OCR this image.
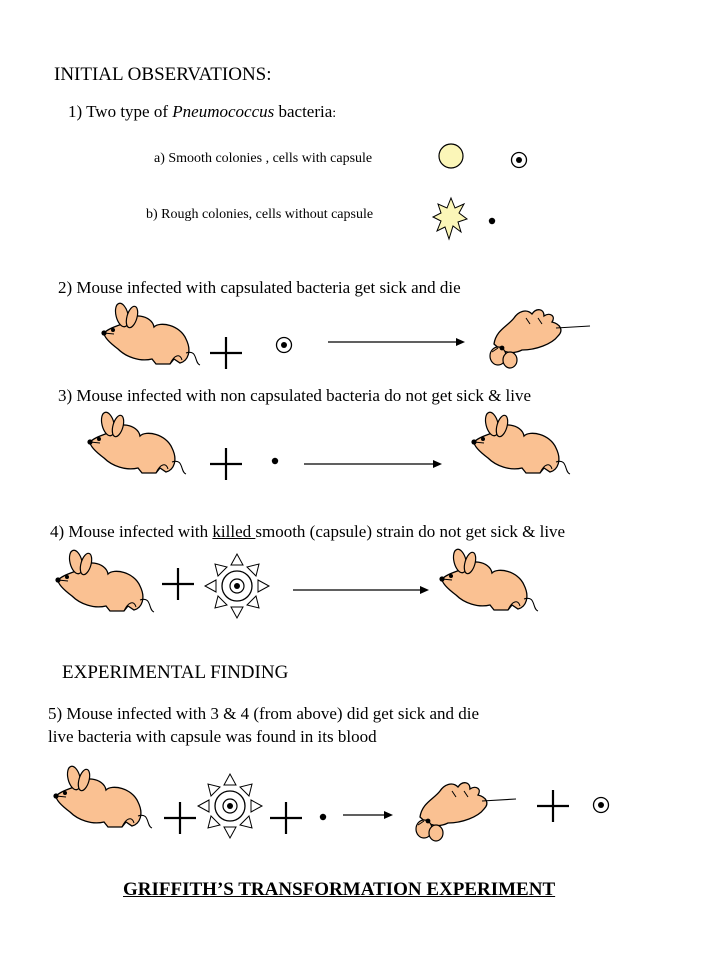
INITIAL OBSERVATIONS:
1) Two type of Pneumococcus bacteria:
a) Smooth colonies , cells with capsule
b) Rough colonies, cells without capsule
2) Mouse infected with capsulated bacteria get sick and die
3) Mouse infected with non capsulated bacteria do not get sick & live
4) Mouse infected with killed smooth (capsule) strain do not get sick & live
EXPERIMENTAL FINDING
5) Mouse infected with 3 & 4 (from above) did get sick and die
live bacteria with capsule was found in its blood
GRIFFITH’S TRANSFORMATION EXPERIMENT
